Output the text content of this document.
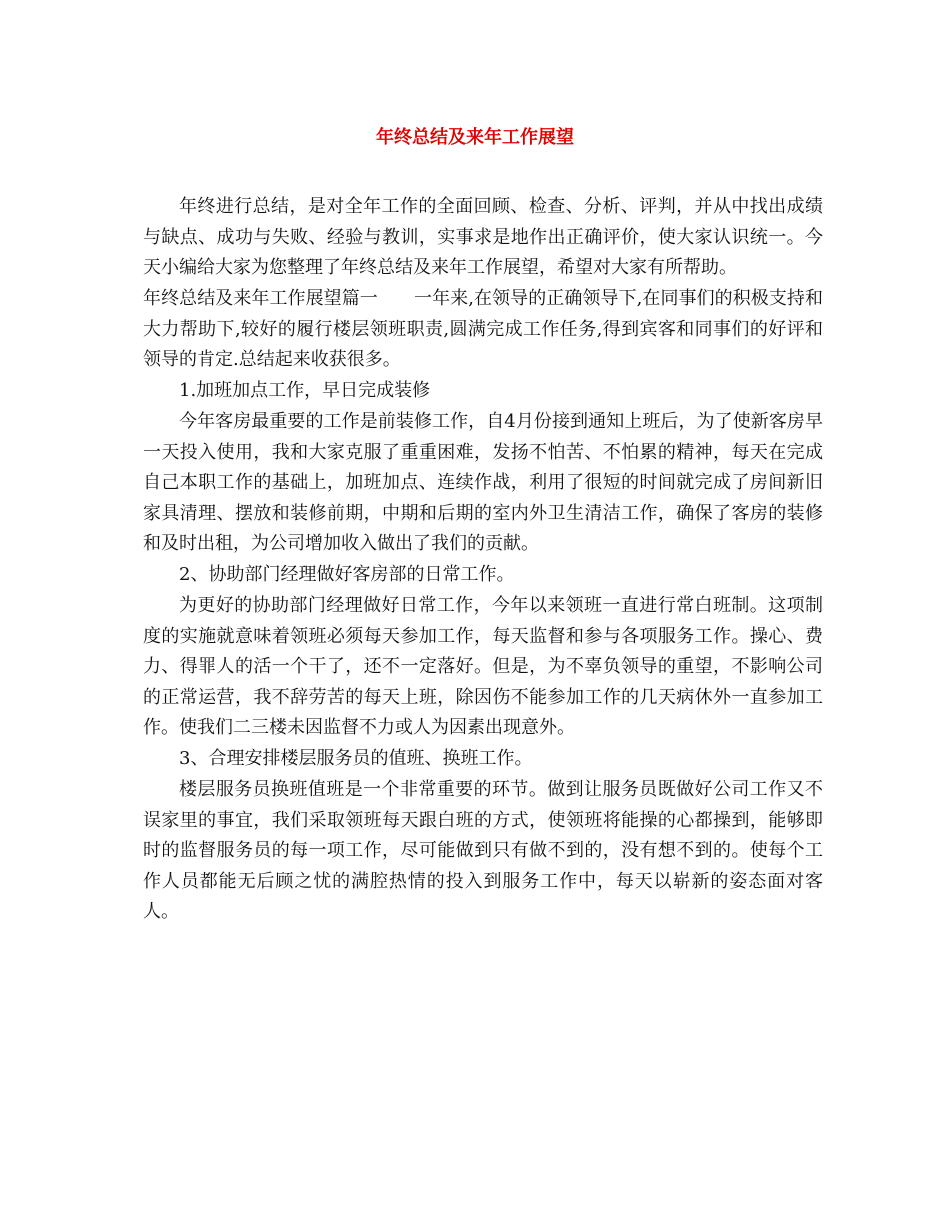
年终总结及来年工作展望

年终进行总结，是对全年工作的全面回顾、检查、分析、评判，并从中找出成绩与缺点、成功与失败、经验与教训，实事求是地作出正确评价，使大家认识统一。今天小编给大家为您整理了年终总结及来年工作展望，希望对大家有所帮助。

年终总结及来年工作展望篇一　　一年来,在领导的正确领导下,在同事们的积极支持和大力帮助下,较好的履行楼层领班职责,圆满完成工作任务,得到宾客和同事们的好评和领导的肯定.总结起来收获很多。

1.加班加点工作，早日完成装修

今年客房最重要的工作是前装修工作，自4月份接到通知上班后，为了使新客房早一天投入使用，我和大家克服了重重困难，发扬不怕苦、不怕累的精神，每天在完成自己本职工作的基础上，加班加点、连续作战，利用了很短的时间就完成了房间新旧家具清理、摆放和装修前期，中期和后期的室内外卫生清洁工作，确保了客房的装修和及时出租，为公司增加收入做出了我们的贡献。

2、协助部门经理做好客房部的日常工作。

为更好的协助部门经理做好日常工作，今年以来领班一直进行常白班制。这项制度的实施就意味着领班必须每天参加工作，每天监督和参与各项服务工作。操心、费力、得罪人的活一个干了，还不一定落好。但是，为不辜负领导的重望，不影响公司的正常运营，我不辞劳苦的每天上班，除因伤不能参加工作的几天病休外一直参加工作。使我们二三楼未因监督不力或人为因素出现意外。

3、合理安排楼层服务员的值班、换班工作。

楼层服务员换班值班是一个非常重要的环节。做到让服务员既做好公司工作又不误家里的事宜，我们采取领班每天跟白班的方式，使领班将能操的心都操到，能够即时的监督服务员的每一项工作，尽可能做到只有做不到的，没有想不到的。使每个工作人员都能无后顾之忧的满腔热情的投入到服务工作中，每天以崭新的姿态面对客人。
